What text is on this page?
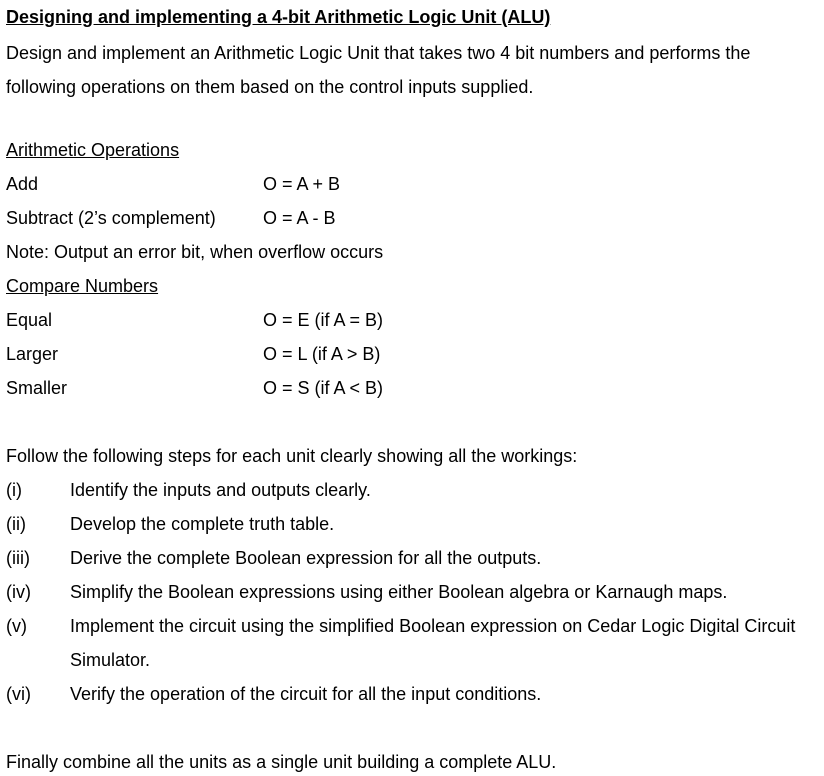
Designing and implementing a 4-bit Arithmetic Logic Unit (ALU)
Design and implement an Arithmetic Logic Unit that takes two 4 bit numbers and performs the following operations on them based on the control inputs supplied.
Arithmetic Operations
Add	O = A + B
Subtract (2’s complement)	O = A - B
Note: Output an error bit, when overflow occurs
Compare Numbers
Equal	O = E (if A = B)
Larger	O = L (if A > B)
Smaller	O = S (if A < B)
Follow the following steps for each unit clearly showing all the workings:
(i)	Identify the inputs and outputs clearly.
(ii) Develop the complete truth table.
(iii) Derive the complete Boolean expression for all the outputs.
(iv) Simplify the Boolean expressions using either Boolean algebra or Karnaugh maps.
(v) Implement the circuit using the simplified Boolean expression on Cedar Logic Digital Circuit Simulator.
(vi) Verify the operation of the circuit for all the input conditions.
Finally combine all the units as a single unit building a complete ALU.
